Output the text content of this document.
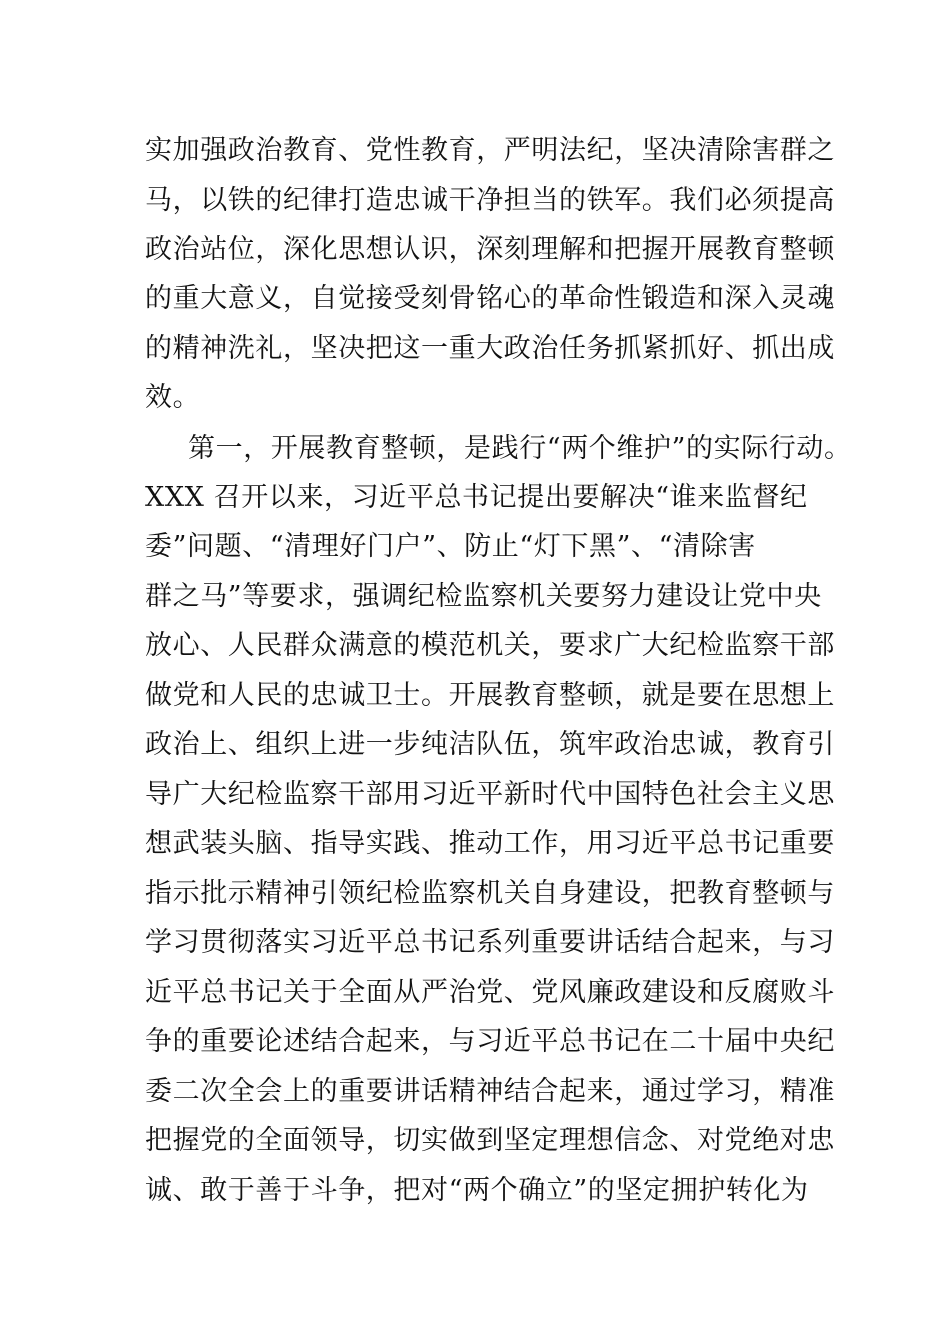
实加强政治教育、党性教育，严明法纪，坚决清除害群之
马，以铁的纪律打造忠诚干净担当的铁军。我们必须提高
政治站位，深化思想认识，深刻理解和把握开展教育整顿
的重大意义，自觉接受刻骨铭心的革命性锻造和深入灵魂
的精神洗礼，坚决把这一重大政治任务抓紧抓好、抓出成
效。
第一，开展教育整顿，是践行“两个维护”的实际行动。
XXX 召开以来，习近平总书记提出要解决“谁来监督纪
委”问题、“清理好门户”、防止“灯下黑”、“清除害
群之马”等要求，强调纪检监察机关要努力建设让党中央
放心、人民群众满意的模范机关，要求广大纪检监察干部
做党和人民的忠诚卫士。开展教育整顿，就是要在思想上
政治上、组织上进一步纯洁队伍，筑牢政治忠诚，教育引
导广大纪检监察干部用习近平新时代中国特色社会主义思
想武装头脑、指导实践、推动工作，用习近平总书记重要
指示批示精神引领纪检监察机关自身建设，把教育整顿与
学习贯彻落实习近平总书记系列重要讲话结合起来，与习
近平总书记关于全面从严治党、党风廉政建设和反腐败斗
争的重要论述结合起来，与习近平总书记在二十届中央纪
委二次全会上的重要讲话精神结合起来，通过学习，精准
把握党的全面领导，切实做到坚定理想信念、对党绝对忠
诚、敢于善于斗争，把对“两个确立”的坚定拥护转化为
